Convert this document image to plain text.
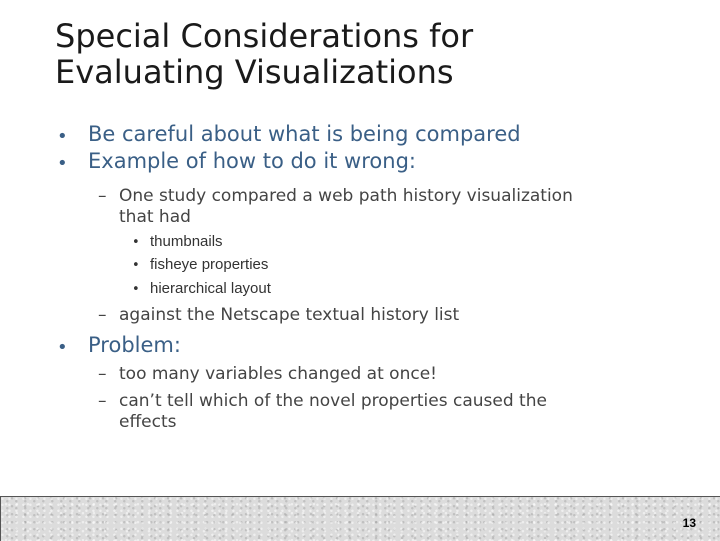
Special Considerations for
Evaluating Visualizations
• Be careful about what is being compared
• Example of how to do it wrong:
– One study compared a web path history visualization
that had
• thumbnails
• fisheye properties
• hierarchical layout
– against the Netscape textual history list
• Problem:
– too many variables changed at once!
– can’t tell which of the novel properties caused the
effects
13
